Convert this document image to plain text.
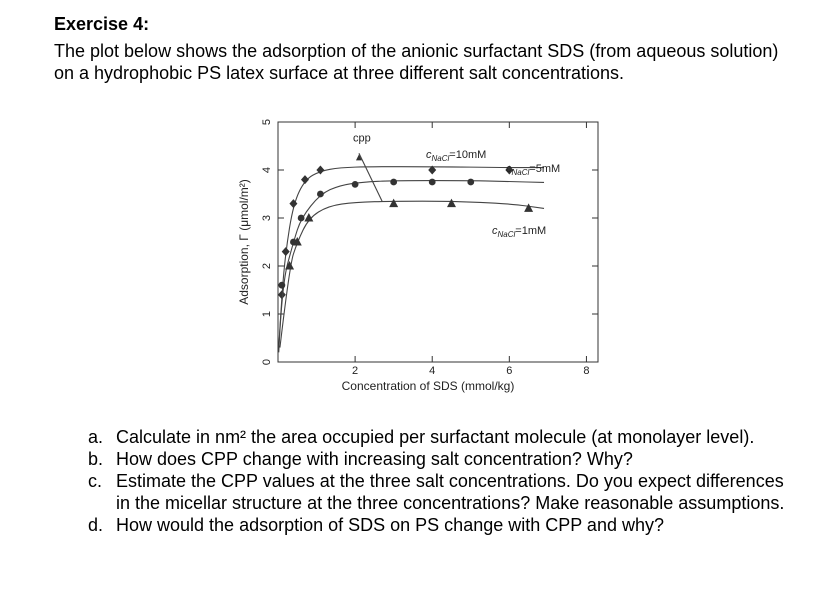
Exercise 4:

The plot below shows the adsorption of the anionic surfactant SDS (from aqueous solution) on a hydrophobic PS latex surface at three different salt concentrations.

0
1
2
3
4
5
2	4	6	8
Concentration of SDS (mmol/kg)
Adsorption, Γ (μmol/m²)
$c_{NaCl}=10mM$
$c_{NaCl}=5mM$
$c_{NaCl}=1mM$
cpp
a. Calculate in nm² the area occupied per surfactant molecule (at monolayer level).
b. How does CPP change with increasing salt concentration? Why?
c. Estimate the CPP values at the three salt concentrations. Do you expect differences in the micellar structure at the three concentrations? Make reasonable assumptions.
d. How would the adsorption of SDS on PS change with CPP and why?
